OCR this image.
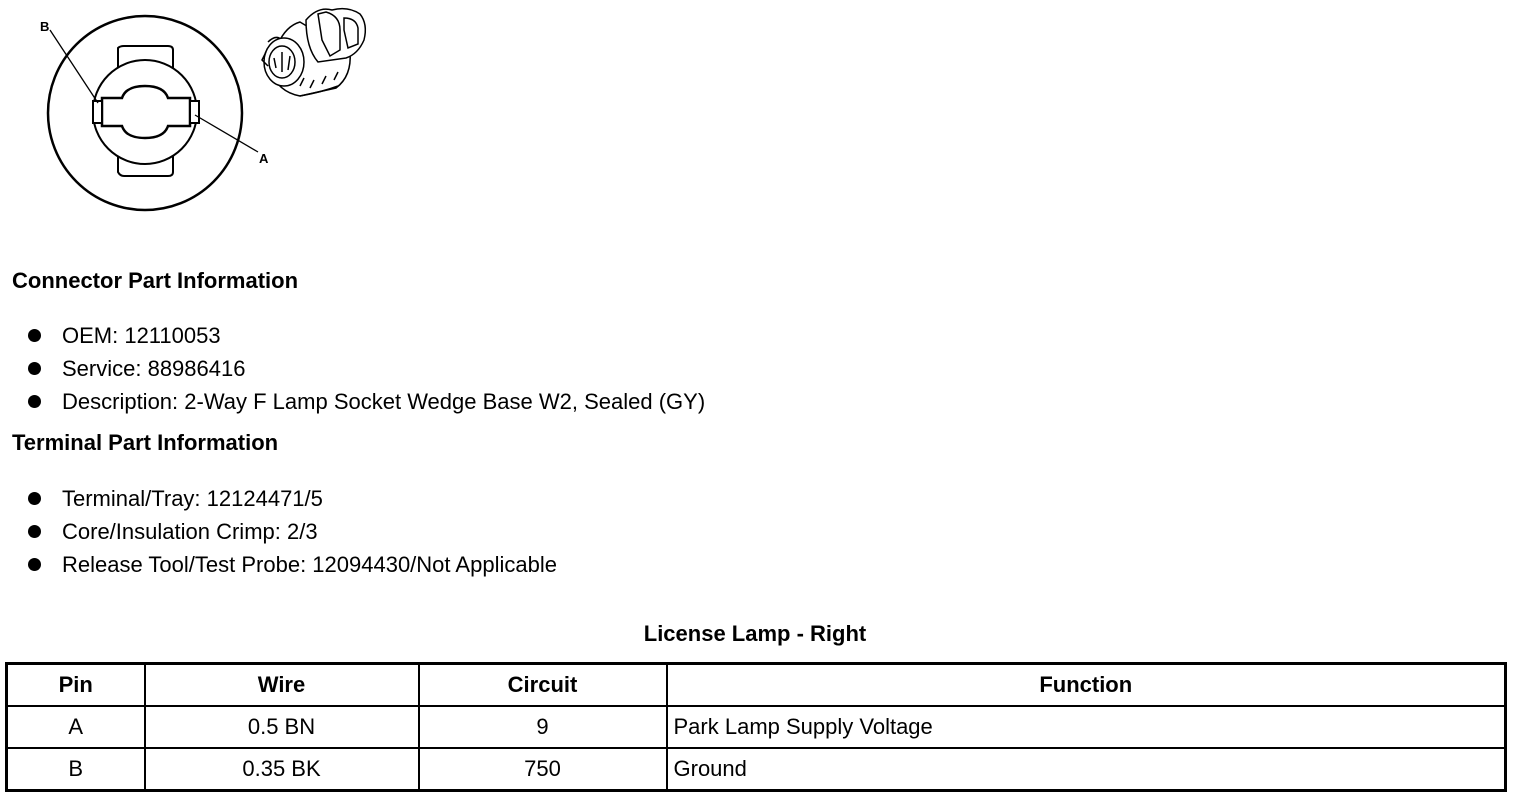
B
A
Connector Part Information
OEM: 12110053
Service: 88986416
Description: 2-Way F Lamp Socket Wedge Base W2, Sealed (GY)
Terminal Part Information
Terminal/Tray: 12124471/5
Core/Insulation Crimp: 2/3
Release Tool/Test Probe: 12094430/Not Applicable
License Lamp - Right
Pin	Wire	Circuit	Function
A	0.5 BN	9	Park Lamp Supply Voltage
B	0.35 BK	750	Ground
